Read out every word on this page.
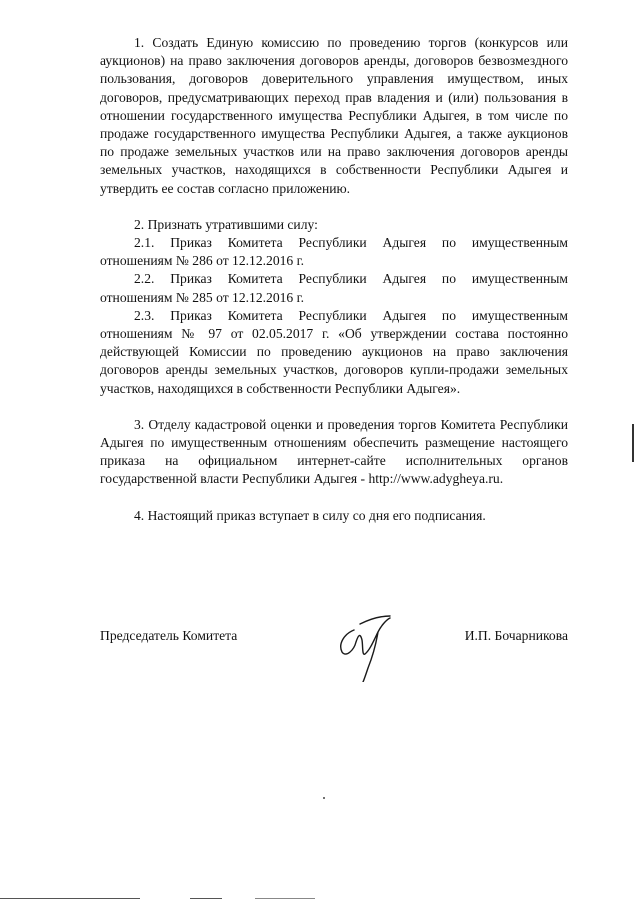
1. Создать Единую комиссию по проведению торгов (конкурсов или аукционов) на право заключения договоров аренды, договоров безвозмездного пользования, договоров доверительного управления имуществом, иных договоров, предусматривающих переход прав владения и (или) пользования в отношении государственного имущества Республики Адыгея, в том числе по продаже государственного имущества Республики Адыгея, а также аукционов по продаже земельных участков или на право заключения договоров аренды земельных участков, находящихся в собственности Республики Адыгея и утвердить ее состав согласно приложению.

2. Признать утратившими силу:

2.1. Приказ Комитета Республики Адыгея по имущественным отношениям № 286 от 12.12.2016 г.

2.2. Приказ Комитета Республики Адыгея по имущественным отношениям № 285 от 12.12.2016 г.

2.3. Приказ Комитета Республики Адыгея по имущественным отношениям № 97 от 02.05.2017 г. «Об утверждении состава постоянно действующей Комиссии по проведению аукционов на право заключения договоров аренды земельных участков, договоров купли-продажи земельных участков, находящихся в собственности Республики Адыгея».

3. Отделу кадастровой оценки и проведения торгов Комитета Республики Адыгея по имущественным отношениям обеспечить размещение настоящего приказа на официальном интернет-сайте исполнительных органов государственной власти Республики Адыгея - http://www.adygheya.ru.

4. Настоящий приказ вступает в силу со дня его подписания.

Председатель Комитета	И.П. Бочарникова
